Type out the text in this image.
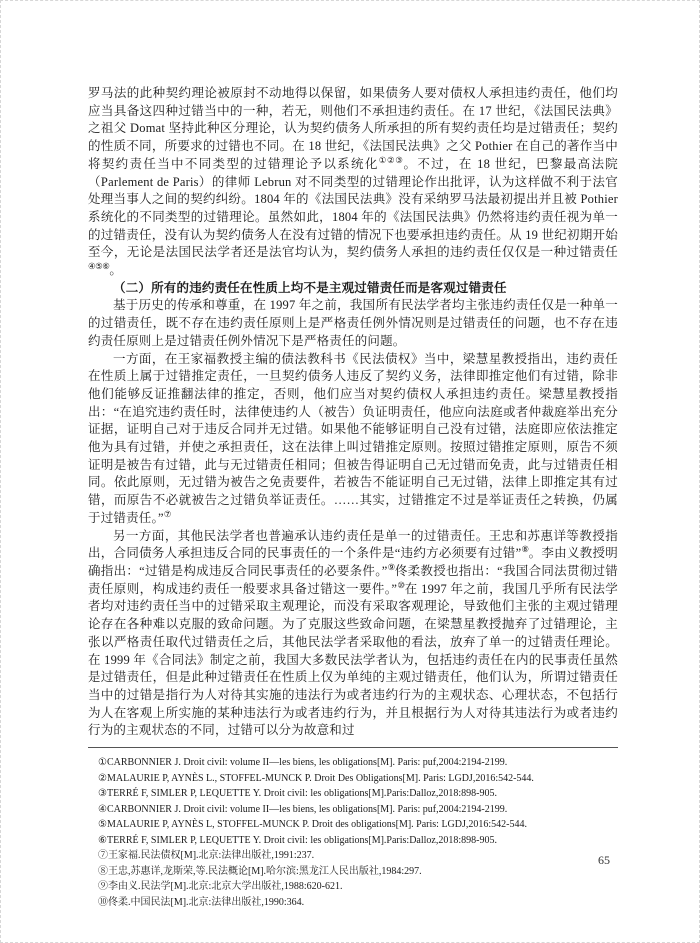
罗马法的此种契约理论被原封不动地得以保留，如果债务人要对债权人承担违约责任，他们均应当具备这四种过错当中的一种，若无，则他们不承担违约责任。在 17 世纪，《法国民法典》之祖父 Domat 坚持此种区分理论，认为契约债务人所承担的所有契约责任均是过错责任；契约的性质不同，所要求的过错也不同。在 18 世纪，《法国民法典》之父 Pothier 在自己的著作当中将契约责任当中不同类型的过错理论予以系统化①②③。不过，在 18 世纪，巴黎最高法院（Parlement de Paris）的律师 Lebrun 对不同类型的过错理论作出批评，认为这样做不利于法官处理当事人之间的契约纠纷。1804 年的《法国民法典》没有采纳罗马法最初提出并且被 Pothier 系统化的不同类型的过错理论。虽然如此，1804 年的《法国民法典》仍然将违约责任视为单一的过错责任，没有认为契约债务人在没有过错的情况下也要承担违约责任。从 19 世纪初期开始至今，无论是法国民法学者还是法官均认为，契约债务人承担的违约责任仅仅是一种过错责任④⑤⑥。

（二）所有的违约责任在性质上均不是主观过错责任而是客观过错责任

基于历史的传承和尊重，在 1997 年之前，我国所有民法学者均主张违约责任仅是一种单一的过错责任，既不存在违约责任原则上是严格责任例外情况则是过错责任的问题，也不存在违约责任原则上是过错责任例外情况下是严格责任的问题。

一方面，在王家福教授主编的债法教科书《民法债权》当中，梁慧星教授指出，违约责任在性质上属于过错推定责任，一旦契约债务人违反了契约义务，法律即推定他们有过错，除非他们能够反证推翻法律的推定，否则，他们应当对契约债权人承担违约责任。梁慧星教授指出：“在追究违约责任时，法律使违约人（被告）负证明责任，他应向法庭或者仲裁庭举出充分证据，证明自己对于违反合同并无过错。如果他不能够证明自己没有过错，法庭即应依法推定他为具有过错，并使之承担责任，这在法律上叫过错推定原则。按照过错推定原则，原告不须证明是被告有过错，此与无过错责任相同；但被告得证明自己无过错而免责，此与过错责任相同。依此原则，无过错为被告之免责要件，若被告不能证明自己无过错，法律上即推定其有过错，而原告不必就被告之过错负举证责任。……其实，过错推定不过是举证责任之转换，仍属于过错责任。”⑦

另一方面，其他民法学者也普遍承认违约责任是单一的过错责任。王忠和苏惠详等教授指出，合同债务人承担违反合同的民事责任的一个条件是“违约方必须要有过错”⑧。李由义教授明确指出：“过错是构成违反合同民事责任的必要条件。”⑨佟柔教授也指出：“我国合同法贯彻过错责任原则，构成违约责任一般要求具备过错这一要件。”⑩在 1997 年之前，我国几乎所有民法学者均对违约责任当中的过错采取主观理论，而没有采取客观理论，导致他们主张的主观过错理论存在各种难以克服的致命问题。为了克服这些致命问题，在梁慧星教授抛弃了过错理论，主张以严格责任取代过错责任之后，其他民法学者采取他的看法，放弃了单一的过错责任理论。在 1999 年《合同法》制定之前，我国大多数民法学者认为，包括违约责任在内的民事责任虽然是过错责任，但是此种过错责任在性质上仅为单纯的主观过错责任，他们认为，所谓过错责任当中的过错是指行为人对待其实施的违法行为或者违约行为的主观状态、心理状态，不包括行为人在客观上所实施的某种违法行为或者违约行为，并且根据行为人对待其违法行为或者违约行为的主观状态的不同，过错可以分为故意和过

①CARBONNIER J. Droit civil: volume II—les biens, les obligations[M]. Paris: puf,2004:2194-2199.
②MALAURIE P, AYNÈS L., STOFFEL-MUNCK P. Droit Des Obligations[M]. Paris: LGDJ,2016:542-544.
③TERRÉ F, SIMLER P, LEQUETTE Y. Droit civil: les obligations[M].Paris:Dalloz,2018:898-905.
④CARBONNIER J. Droit civil: volume II—les biens, les obligations[M]. Paris: puf,2004:2194-2199.
⑤MALAURIE P, AYNÈS L, STOFFEL-MUNCK P. Droit des obligations[M]. Paris: LGDJ,2016:542-544.
⑥TERRÉ F, SIMLER P, LEQUETTE Y. Droit civil: les obligations[M].Paris:Dalloz,2018:898-905.
⑦王家福.民法债权[M].北京:法律出版社,1991:237.
⑧王忠,苏惠详,龙斯荣,等.民法概论[M].哈尔滨:黑龙江人民出版社,1984:297.
⑨李由义.民法学[M].北京:北京大学出版社,1988:620-621.
⑩佟柔.中国民法[M].北京:法律出版社,1990:364.
65
